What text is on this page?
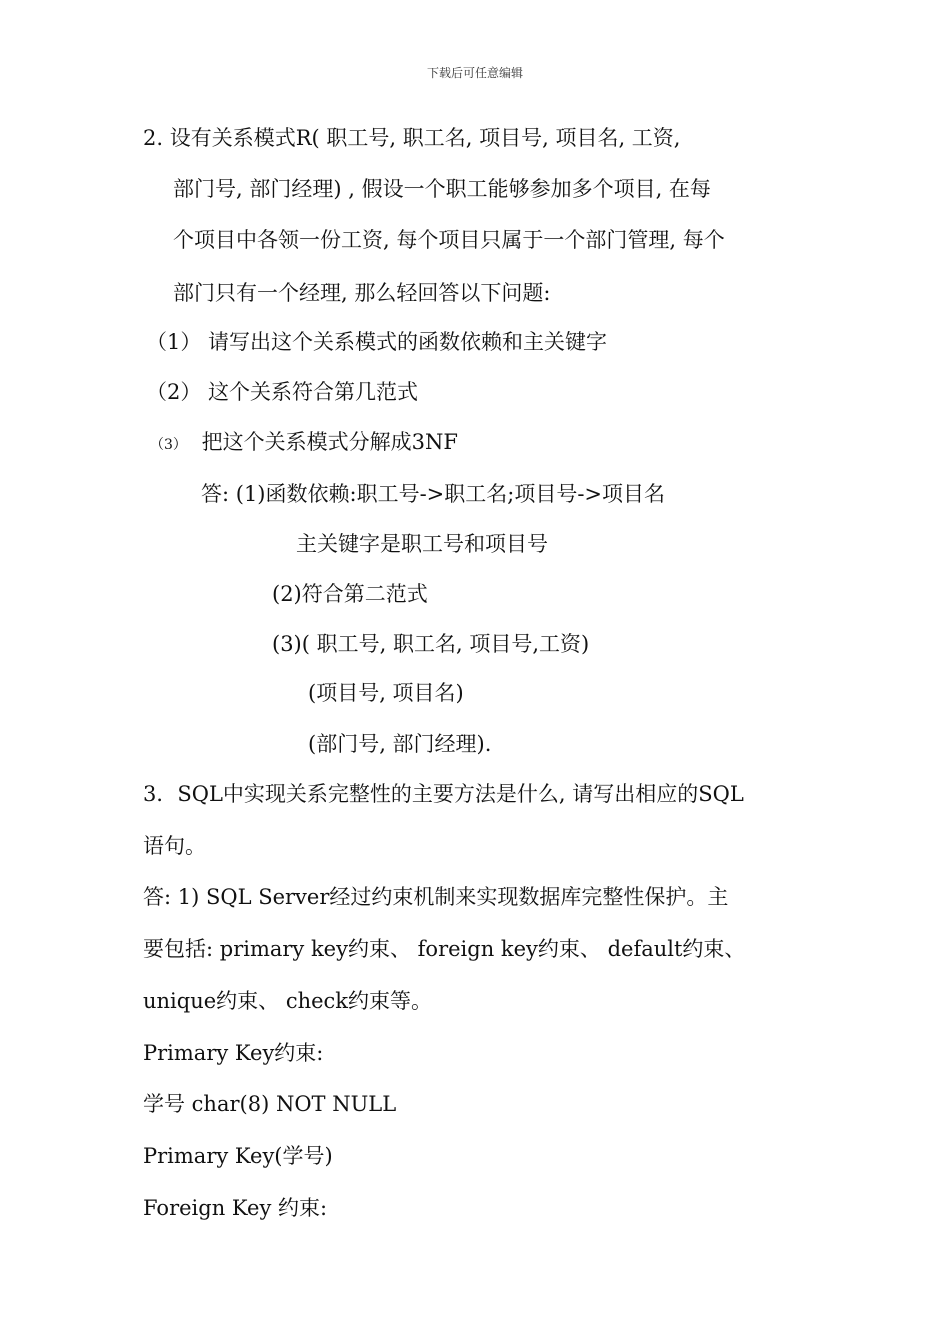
下载后可任意编辑
2. 设有关系模式R( 职工号, 职工名, 项目号, 项目名, 工资,
部门号, 部门经理) , 假设一个职工能够参加多个项目, 在每
个项目中各领一份工资, 每个项目只属于一个部门管理, 每个
部门只有一个经理, 那么轻回答以下问题:
（1） 请写出这个关系模式的函数依赖和主关键字
（2） 这个关系符合第几范式
（3） 把这个关系模式分解成3NF
答: (1)函数依赖:职工号->职工名;项目号->项目名
主关键字是职工号和项目号
(2)符合第二范式
(3)( 职工号, 职工名, 项目号,工资)
(项目号, 项目名)
(部门号, 部门经理).
3．SQL中实现关系完整性的主要方法是什么, 请写出相应的SQL
语句。
答: 1) SQL Server经过约束机制来实现数据库完整性保护。主
要包括: primary key约束、 foreign key约束、 default约束、
unique约束、 check约束等。
Primary Key约束:
学号 char(8) NOT NULL
Primary Key(学号)
Foreign Key 约束:
